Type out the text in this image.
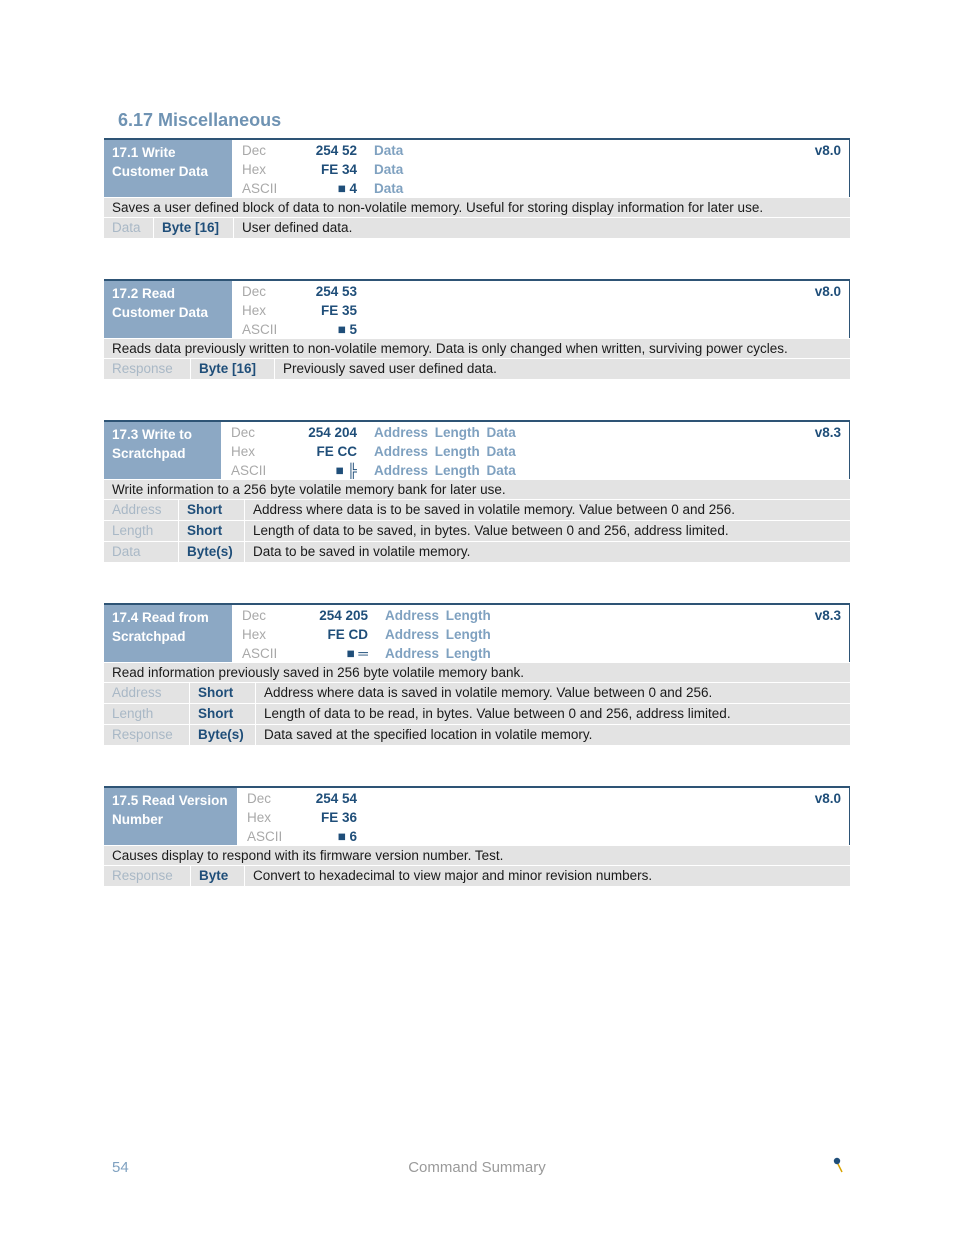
6.17 Miscellaneous
17.1 Write Customer Data
Dec	254 52 Data
Hex	FE 34 Data
ASCII	■ 4 Data
v8.0
Saves a user defined block of data to non-volatile memory. Useful for storing display information for later use.
Data	Byte [16]	User defined data.
17.2 Read Customer Data
Dec	254 53
Hex	FE 35
ASCII	■ 5
v8.0
Reads data previously written to non-volatile memory. Data is only changed when written, surviving power cycles.
Response	Byte [16]	Previously saved user defined data.
17.3 Write to Scratchpad
Dec	254 204 Address Length Data
Hex	FE CC Address Length Data
ASCII	■ ╠ Address Length Data
v8.3
Write information to a 256 byte volatile memory bank for later use.
Address	Short	Address where data is to be saved in volatile memory. Value between 0 and 256.
Length	Short	Length of data to be saved, in bytes. Value between 0 and 256, address limited.
Data	Byte(s)	Data to be saved in volatile memory.
17.4 Read from Scratchpad
Dec	254 205 Address Length
Hex	FE CD Address Length
ASCII	■ ═ Address Length
v8.3
Read information previously saved in 256 byte volatile memory bank.
Address	Short	Address where data is saved in volatile memory. Value between 0 and 256.
Length	Short	Length of data to be read, in bytes. Value between 0 and 256, address limited.
Response	Byte(s)	Data saved at the specified location in volatile memory.
17.5 Read Version Number
Dec	254 54
Hex	FE 36
ASCII	■ 6
v8.0
Causes display to respond with its firmware version number. Test.
Response	Byte	Convert to hexadecimal to view major and minor revision numbers.
54	Command Summary
